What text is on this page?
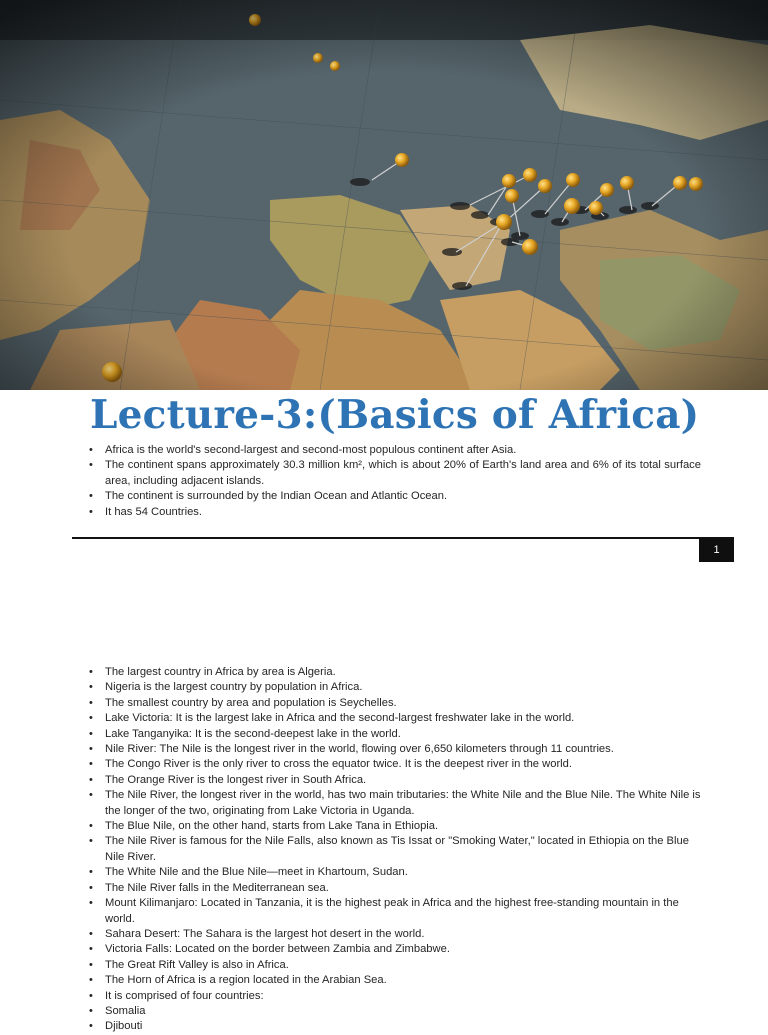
Lecture-3:(Basics of Africa)
• Africa is the world's second-largest and second-most populous continent after Asia.
• The continent spans approximately 30.3 million km², which is about 20% of Earth's land area and 6% of its total surface area, including adjacent islands.
• The continent is surrounded by the Indian Ocean and Atlantic Ocean.
• It has 54 Countries.
1
• The largest country in Africa by area is Algeria.
• Nigeria is the largest country by population in Africa.
• The smallest country by area and population is Seychelles.
• Lake Victoria: It is the largest lake in Africa and the second-largest freshwater lake in the world.
• Lake Tanganyika: It is the second-deepest lake in the world.
• Nile River: The Nile is the longest river in the world, flowing over 6,650 kilometers through 11 countries.
• The Congo River is the only river to cross the equator twice. It is the deepest river in the world.
• The Orange River is the longest river in South Africa.
• The Nile River, the longest river in the world, has two main tributaries: the White Nile and the Blue Nile. The White Nile is the longer of the two, originating from Lake Victoria in Uganda.
• The Blue Nile, on the other hand, starts from Lake Tana in Ethiopia.
• The Nile River is famous for the Nile Falls, also known as Tis Issat or "Smoking Water," located in Ethiopia on the Blue Nile River.
• The White Nile and the Blue Nile—meet in Khartoum, Sudan.
• The Nile River falls in the Mediterranean sea.
• Mount Kilimanjaro: Located in Tanzania, it is the highest peak in Africa and the highest free-standing mountain in the world.
• Sahara Desert: The Sahara is the largest hot desert in the world.
• Victoria Falls: Located on the border between Zambia and Zimbabwe.
• The Great Rift Valley is also in Africa.
• The Horn of Africa is a region located in the Arabian Sea.
• It is comprised of four countries:
• Somalia
• Djibouti
